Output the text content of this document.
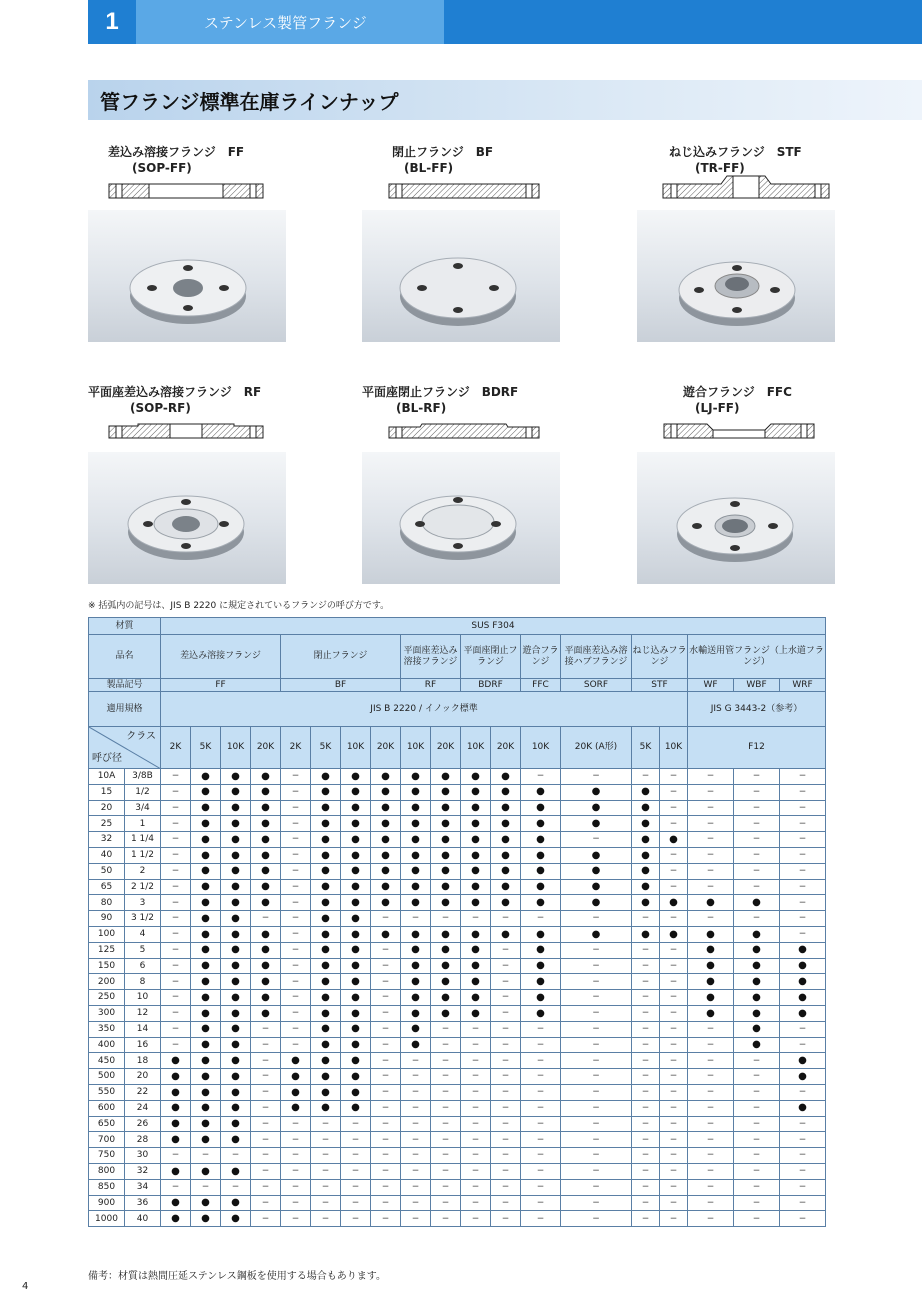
1	ステンレス製管フランジ
管フランジ標準在庫ラインナップ
差込み溶接フランジ　FF
(SOP-FF)
閉止フランジ　BF
(BL-FF)
ねじ込みフランジ　STF
(TR-FF)
平面座差込み溶接フランジ　RF
(SOP-RF)
平面座閉止フランジ　BDRF
(BL-RF)
遊合フランジ　FFC
(LJ-FF)
※ 括弧内の記号は、JIS B 2220 に規定されているフランジの呼び方です。
材質		SUS F304																		
品名		差込み溶接フランジ				閉止フランジ				平面座差込み溶接フランジ		平面座閉止フランジ		遊合フランジ	平面座差込み溶接ハブフランジ	ねじ込みフランジ		水輸送用管フランジ（上水道フランジ）		
製品記号		FF				BF				RF		BDRF		FFC	SORF	STF		WF	WBF	WRF
適用規格		JIS B 2220 / イノック標準																JIS G 3443-2（参考）		

クラス
呼び径		2K	5K	10K	20K	2K	5K	10K	20K	10K	20K	10K	20K	10K	20K (A形)	5K	10K	F12		
10A	3/8B	−	●	●	●	−	●	●	●	●	●	●	●	−	−	−	−	−	−	−
15	1/2	−	●	●	●	−	●	●	●	●	●	●	●	●	●	●	−	−	−	−
20	3/4	−	●	●	●	−	●	●	●	●	●	●	●	●	●	●	−	−	−	−
25	1	−	●	●	●	−	●	●	●	●	●	●	●	●	●	●	−	−	−	−
32	1 1/4	−	●	●	●	−	●	●	●	●	●	●	●	●	−	●	●	−	−	−
40	1 1/2	−	●	●	●	−	●	●	●	●	●	●	●	●	●	●	−	−	−	−
50	2	−	●	●	●	−	●	●	●	●	●	●	●	●	●	●	−	−	−	−
65	2 1/2	−	●	●	●	−	●	●	●	●	●	●	●	●	●	●	−	−	−	−
80	3	−	●	●	●	−	●	●	●	●	●	●	●	●	●	●	●	●	●	−
90	3 1/2	−	●	●	−	−	●	●	−	−	−	−	−	−	−	−	−	−	−	−
100	4	−	●	●	●	−	●	●	●	●	●	●	●	●	●	●	●	●	●	−
125	5	−	●	●	●	−	●	●	−	●	●	●	−	●	−	−	−	●	●	●
150	6	−	●	●	●	−	●	●	−	●	●	●	−	●	−	−	−	●	●	●
200	8	−	●	●	●	−	●	●	−	●	●	●	−	●	−	−	−	●	●	●
250	10	−	●	●	●	−	●	●	−	●	●	●	−	●	−	−	−	●	●	●
300	12	−	●	●	●	−	●	●	−	●	●	●	−	●	−	−	−	●	●	●
350	14	−	●	●	−	−	●	●	−	●	−	−	−	−	−	−	−	−	●	−
400	16	−	●	●	−	−	●	●	−	●	−	−	−	−	−	−	−	−	●	−
450	18	●	●	●	−	●	●	●	−	−	−	−	−	−	−	−	−	−	−	●
500	20	●	●	●	−	●	●	●	−	−	−	−	−	−	−	−	−	−	−	●
550	22	●	●	●	−	●	●	●	−	−	−	−	−	−	−	−	−	−	−	−
600	24	●	●	●	−	●	●	●	−	−	−	−	−	−	−	−	−	−	−	●
650	26	●	●	●	−	−	−	−	−	−	−	−	−	−	−	−	−	−	−	−
700	28	●	●	●	−	−	−	−	−	−	−	−	−	−	−	−	−	−	−	−
750	30	−	−	−	−	−	−	−	−	−	−	−	−	−	−	−	−	−	−	−
800	32	●	●	●	−	−	−	−	−	−	−	−	−	−	−	−	−	−	−	−
850	34	−	−	−	−	−	−	−	−	−	−	−	−	−	−	−	−	−	−	−
900	36	●	●	●	−	−	−	−	−	−	−	−	−	−	−	−	−	−	−	−
1000	40	●	●	●	−	−	−	−	−	−	−	−	−	−	−	−	−	−	−	−
備考：材質は熱間圧延ステンレス鋼板を使用する場合もあります。
4
